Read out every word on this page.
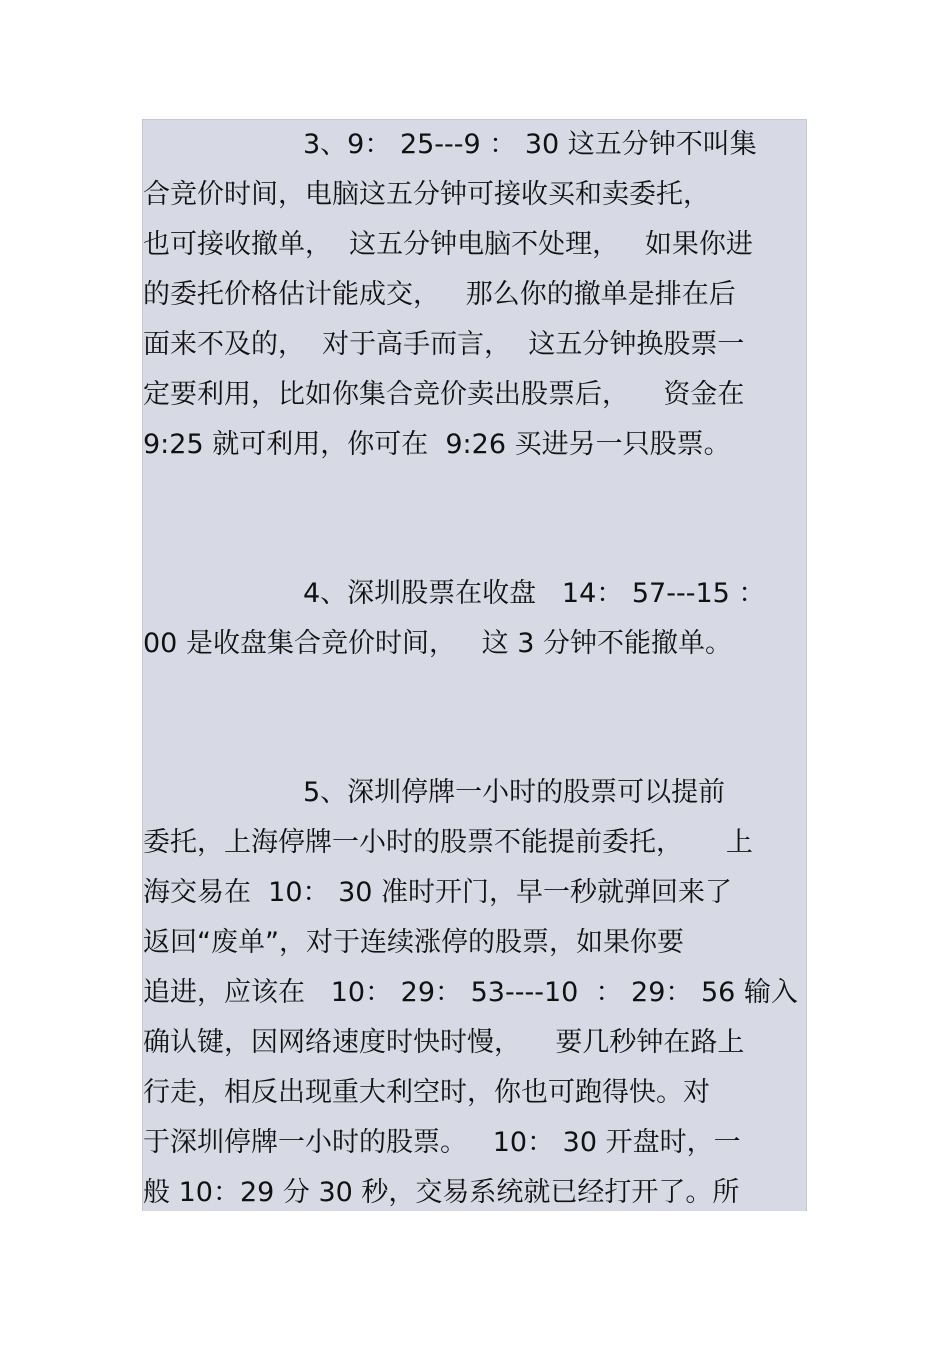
3、9： 25---9 ： 30 这五分钟不叫集
合竞价时间，电脑这五分钟可接收买和卖委托，
也可接收撤单，  这五分钟电脑不处理，   如果你进
的委托价格估计能成交，   那么你的撤单是排在后
面来不及的，  对于高手而言，  这五分钟换股票一
定要利用，比如你集合竞价卖出股票后，    资金在
9:25 就可利用，你可在  9:26 买进另一只股票。
4、深圳股票在收盘   14： 57---15 ：
00 是收盘集合竞价时间，   这 3 分钟不能撤单。
5、深圳停牌一小时的股票可以提前
委托，上海停牌一小时的股票不能提前委托，     上
海交易在  10： 30 准时开门，早一秒就弹回来了
返回“废单”，对于连续涨停的股票，如果你要
追进，应该在   10： 29： 53----10  ： 29： 56 输入
确认键，因网络速度时快时慢，    要几秒钟在路上
行走，相反出现重大利空时，你也可跑得快。对
于深圳停牌一小时的股票。   10： 30 开盘时，一
般 10：29 分 30 秒，交易系统就已经打开了。所
